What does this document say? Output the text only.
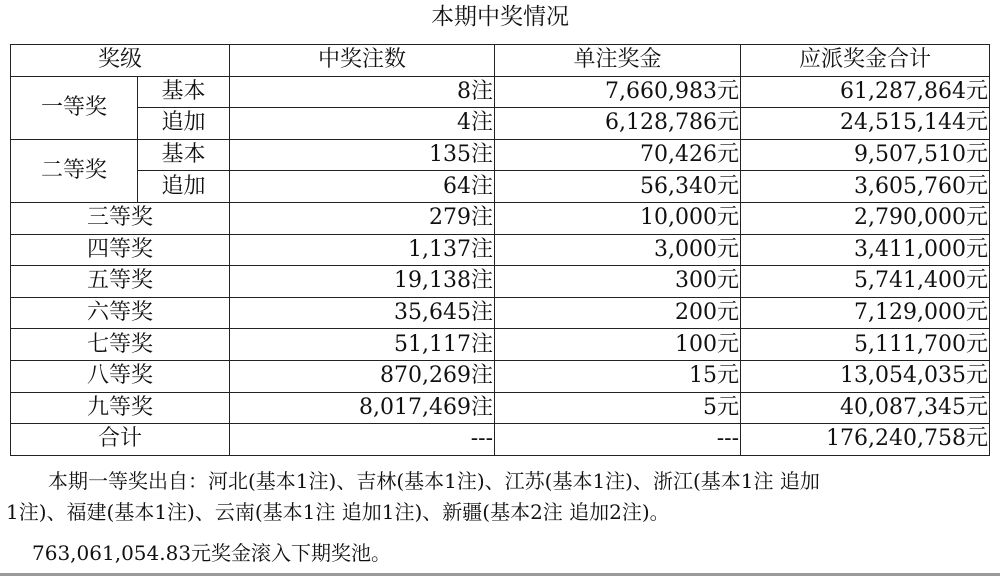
本期中奖情况
奖级		中奖注数	单注奖金	应派奖金合计
一等奖	基本	8注	7,660,983元	61,287,864元
	追加	4注	6,128,786元	24,515,144元
二等奖	基本	135注	70,426元	9,507,510元
	追加	64注	56,340元	3,605,760元
三等奖		279注	10,000元	2,790,000元
四等奖		1,137注	3,000元	3,411,000元
五等奖		19,138注	300元	5,741,400元
六等奖		35,645注	200元	7,129,000元
七等奖		51,117注	100元	5,111,700元
八等奖		870,269注	15元	13,054,035元
九等奖		8,017,469注	5元	40,087,345元
合计		---	---	176,240,758元
本期一等奖出自：河北(基本1注)、吉林(基本1注)、江苏(基本1注)、浙江(基本1注 追加
1注)、福建(基本1注)、云南(基本1注 追加1注)、新疆(基本2注 追加2注)。
763,061,054.83元奖金滚入下期奖池。
